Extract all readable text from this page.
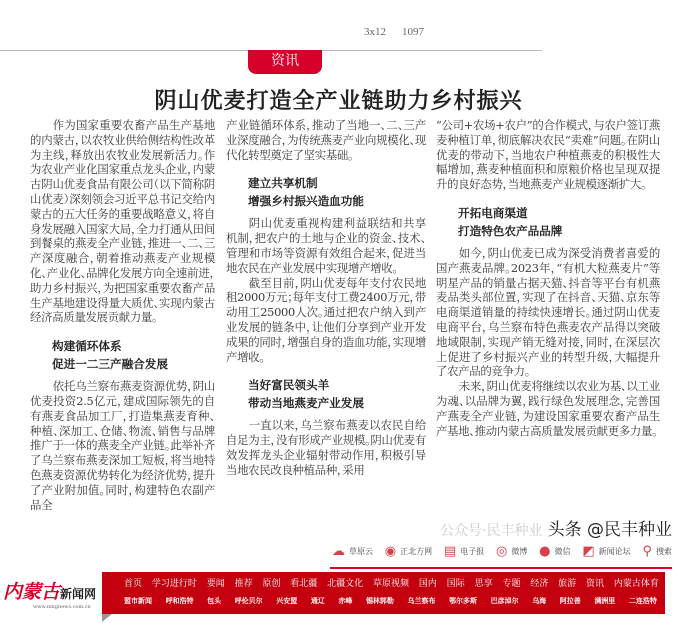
3x12 1097
资讯
阴山优麦打造全产业链助力乡村振兴

作为国家重要农畜产品生产基地的内蒙古，以农牧业供给侧结构性改革为主线，释放出农牧业发展新活力。作为农业产业化国家重点龙头企业，内蒙古阴山优麦食品有限公司（以下简称阴山优麦）深刻领会习近平总书记交给内蒙古的五大任务的重要战略意义，将自身发展融入国家大局，全力打通从田间到餐桌的燕麦全产业链，推进一、二、三产深度融合，朝着推动燕麦产业规模化、产业化、品牌化发展方向全速前进，助力乡村振兴，为把国家重要农畜产品生产基地建设得量大质优、实现内蒙古经济高质量发展贡献力量。

构建循环体系
促进一二三产融合发展

依托乌兰察布燕麦资源优势，阴山优麦投资2.5亿元，建成国际领先的自有燕麦食品加工厂，打造集燕麦育种、种植、深加工、仓储、物流、销售与品牌推广于一体的燕麦全产业链。此举补齐了乌兰察布燕麦深加工短板，将当地特色燕麦资源优势转化为经济优势，提升了产业附加值。同时，构建特色农副产品全

产业链循环体系，推动了当地一、二、三产业深度融合，为传统燕麦产业向规模化、现代化转型奠定了坚实基础。

建立共享机制
增强乡村振兴造血功能

阴山优麦重视构建利益联结和共享机制，把农户的土地与企业的资金、技术、管理和市场等资源有效组合起来，促进当地农民在产业发展中实现增产增收。

截至目前，阴山优麦每年支付农民地租2000万元；每年支付工费2400万元，带动用工25000人次。通过把农户纳入到产业发展的链条中，让他们分享到产业开发成果的同时，增强自身的造血功能，实现增产增收。

当好富民领头羊
带动当地燕麦产业发展

一直以来，乌兰察布燕麦以农民自给自足为主，没有形成产业规模。阴山优麦有效发挥龙头企业辐射带动作用，积极引导当地农民改良种植品种，采用

“公司+农场+农户”的合作模式，与农户签订燕麦种植订单，彻底解决农民“卖难”问题。在阴山优麦的带动下，当地农户种植燕麦的积极性大幅增加，燕麦种植面积和原粮价格也呈现双提升的良好态势，当地燕麦产业规模逐渐扩大。

开拓电商渠道
打造特色农产品品牌

如今，阴山优麦已成为深受消费者喜爱的国产燕麦品牌。2023年，“有机大粒燕麦片”等明星产品的销量占据天猫、抖音等平台有机燕麦品类头部位置，实现了在抖音、天猫、京东等电商渠道销量的持续快速增长。通过阴山优麦电商平台，乌兰察布特色燕麦农产品得以突破地域限制，实现产销无缝对接，同时，在深层次上促进了乡村振兴产业的转型升级，大幅提升了农产品的竞争力。

未来，阴山优麦将继续以农业为基、以工业为魂、以品牌为翼，践行绿色发展理念，完善国产燕麦全产业链，为建设国家重要农畜产品生产基地、推动内蒙古高质量发展贡献更多力量。

公众号·民丰种业 头条 @民丰种业
☁ 草原云 ◉ 正北方网 ▤ 电子报 ◎ 微博 ● 微信 ◩ 新闻论坛 ⚲ 搜索
内蒙古新闻网
www.nmgnews.com.cn
首页 学习进行时 要闻 推荐 原创 看北疆 北疆文化 草原视频 国内 国际 思享 专题 经济 旅游 资讯 内蒙古体育
盟市新闻 呼和浩特 包头 呼伦贝尔 兴安盟 通辽 赤峰 锡林郭勒 乌兰察布 鄂尔多斯 巴彦淖尔 乌海 阿拉善 满洲里 二连浩特
